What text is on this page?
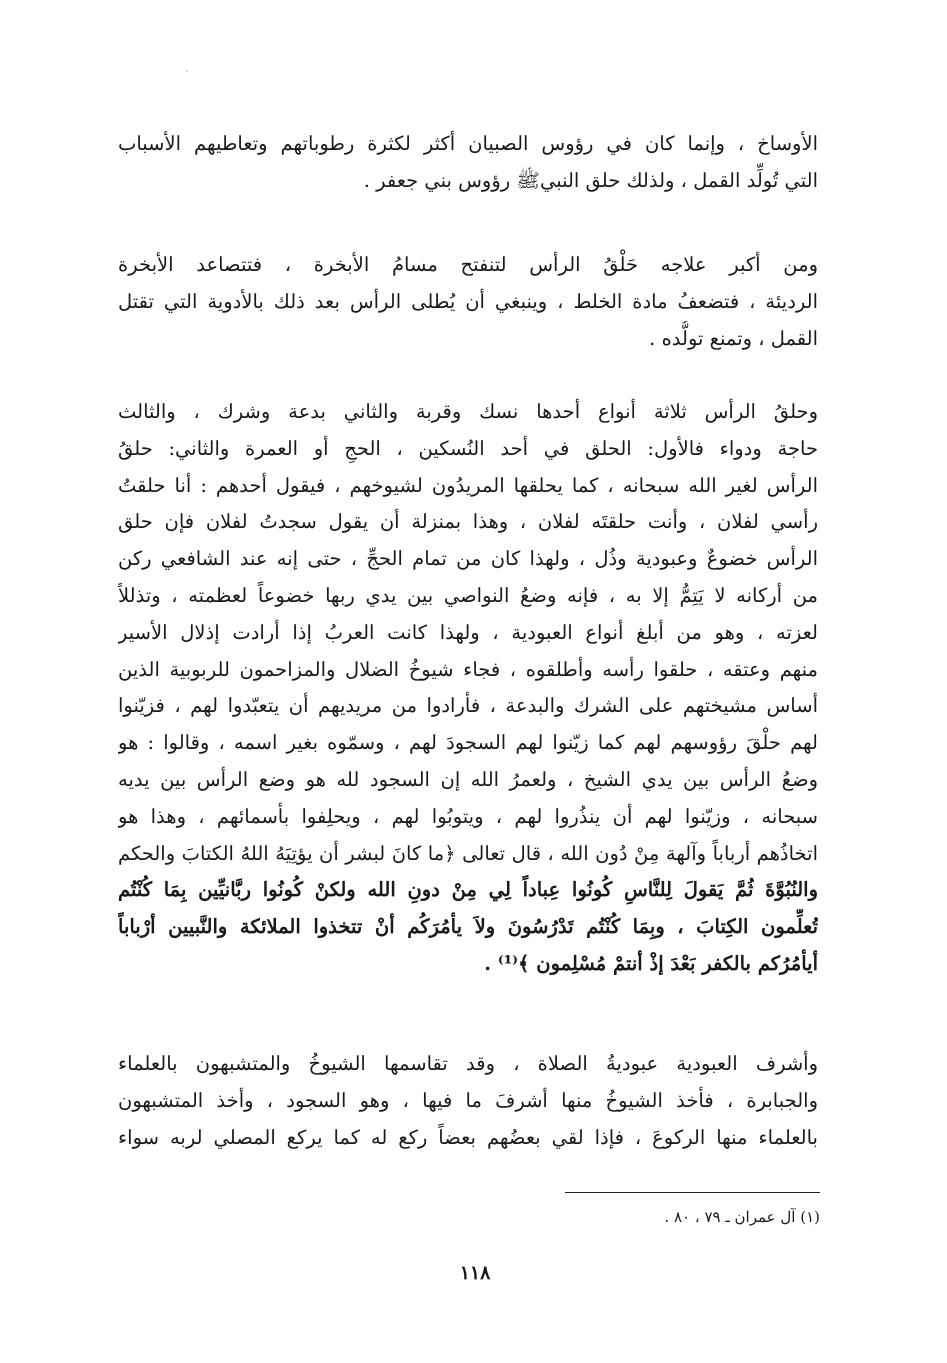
الأوساخ ، وإنما كان في رؤوس الصبيان أكثر لكثرة رطوباتهم وتعاطيهم الأسباب
التي تُولِّد القمل ، ولذلك حلق النبيﷺ رؤوس بني جعفر .
ومن أكبر علاجه حَلْقُ الرأس لتنفتح مسامُ الأبخرة ، فتتصاعد الأبخرة
الرديئة ، فتضعفُ مادة الخلط ، وينبغي أن يُطلى الرأس بعد ذلك بالأدوية التي تقتل
القمل ، وتمنع تولُّده .
وحلقُ الرأس ثلاثة أنواع أحدها نسك وقربة والثاني بدعة وشرك ، والثالث
حاجة ودواء فالأول: الحلق في أحد النُسكين ، الحجِ أو العمرة والثاني: حلقُ
الرأس لغير الله سبحانه ، كما يحلقها المريدُون لشيوخهم ، فيقول أحدهم : أنا حلقتُ
رأسي لفلان ، وأنت حلقتَه لفلان ، وهذا بمنزلة أن يقول سجدتُ لفلان فإن حلق
الرأس خضوعٌ وعبودية وذُل ، ولهذا كان من تمام الحجِّ ، حتى إنه عند الشافعي ركن
من أركانه لا يَتِمُّ إلا به ، فإنه وضعُ النواصي بين يدي ربها خضوعاً لعظمته ، وتذللاً
لعزته ، وهو من أبلغ أنواع العبودية ، ولهذا كانت العربُ إذا أرادت إذلال الأسير
منهم وعتقه ، حلقوا رأسه وأطلقوه ، فجاء شيوخُ الضلال والمزاحمون للربوبية الذين
أساس مشيختهم على الشرك والبدعة ، فأرادوا من مريديهم أن يتعبّدوا لهم ، فزيّنوا
لهم حلْقَ رؤوسهم لهم كما زيّنوا لهم السجودَ لهم ، وسمّوه بغير اسمه ، وقالوا : هو
وضعُ الرأس بين يدي الشيخ ، ولعمرُ الله إن السجود لله هو وضع الرأس بين يديه
سبحانه ، وزيّنوا لهم أن ينذُروا لهم ، ويتوبُوا لهم ، ويحلِفوا بأسمائهم ، وهذا هو
اتخاذُهم أرباباً وآلهة مِنْ دُون الله ، قال تعالى ﴿ما كانَ لبشر أن يؤتِيَهُ اللهُ الكتابَ والحكم
والنُبُوَّةَ ثُمَّ يَقولَ لِلنَّاسِ كُونُوا عِباداً لِي مِنْ دونِ الله ولكنْ كُونُوا ربَّانيِّين بِمَا كُنْتُم
تُعلِّمون الكِتابَ ، وبِمَا كُنْتُم تَدْرُسُونَ ولاَ يأمُرَكُم أنْ تتخذوا الملائكة والنَّبيين أرْباباً
أيأمُرُكم بالكفر بَعْدَ إذْ أنتمْ مُسْلِمون ﴾⁽¹⁾ .
وأشرف العبودية عبوديةُ الصلاة ، وقد تقاسمها الشيوخُ والمتشبهون بالعلماء
والجبابرة ، فأخذ الشيوخُ منها أشرفَ ما فيها ، وهو السجود ، وأخذ المتشبهون
بالعلماء منها الركوعَ ، فإذا لقي بعضُهم بعضاً ركع له كما يركع المصلي لربه سواء
(١) آل عمران ـ ٧٩ ، ٨٠ .
١١٨
